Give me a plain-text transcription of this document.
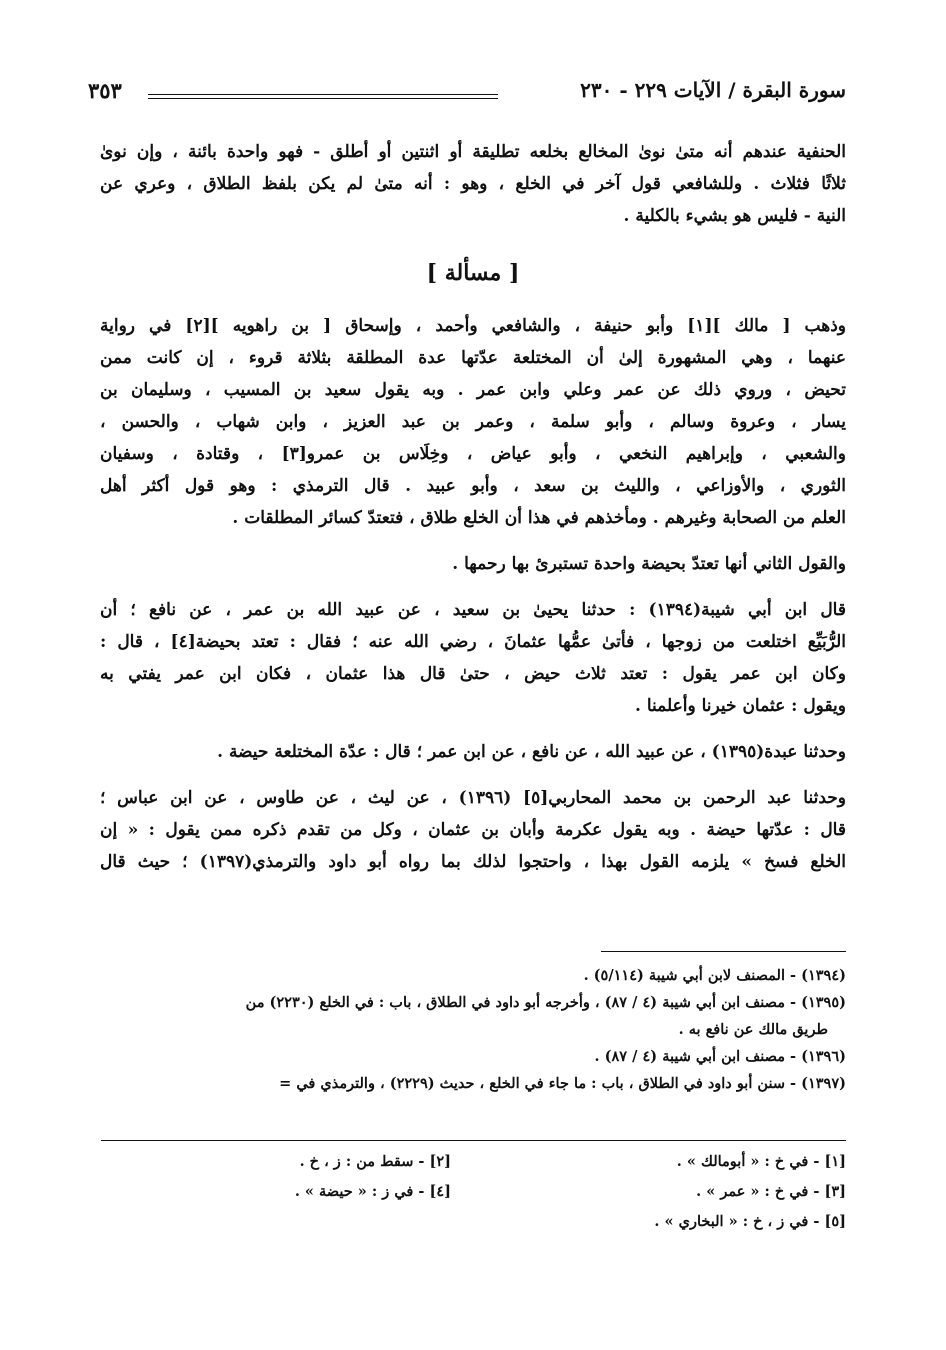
سورة البقرة / الآيات ٢٢٩ - ٢٣٠
٣٥٣
الحنفية عندهم أنه متىٰ نوىٰ المخالع بخلعه تطليقة أو اثنتين أو أطلق - فهو واحدة بائنة ، وإن نوىٰ
ثلاثًا فثلاث . وللشافعي قول آخر في الخلع ، وهو : أنه متىٰ لم يكن بلفظ الطلاق ، وعري عن
النية - فليس هو بشيء بالكلية .
[ مسألة ]
وذهب [ مالك ][١] وأبو حنيفة ، والشافعي وأحمد ، وإسحاق [ بن راهويه ][٢] في رواية
عنهما ، وهي المشهورة إلىٰ أن المختلعة عدّتها عدة المطلقة بثلاثة قروء ، إن كانت ممن
تحيض ، وروي ذلك عن عمر وعلي وابن عمر . وبه يقول سعيد بن المسيب ، وسليمان بن
يسار ، وعروة وسالم ، وأبو سلمة ، وعمر بن عبد العزيز ، وابن شهاب ، والحسن ،
والشعبي ، وإبراهيم النخعي ، وأبو عياض ، وخِلَاس بن عمرو[٣] ، وقتادة ، وسفيان
الثوري ، والأوزاعي ، والليث بن سعد ، وأبو عبيد . قال الترمذي : وهو قول أكثر أهل
العلم من الصحابة وغيرهم . ومأخذهم في هذا أن الخلع طلاق ، فتعتدّ كسائر المطلقات .
والقول الثاني أنها تعتدّ بحيضة واحدة تستبرئ بها رحمها .
قال ابن أبي شيبة(١٣٩٤) : حدثنا يحيىٰ بن سعيد ، عن عبيد الله بن عمر ، عن نافع ؛ أن
الرُّبَيِّع اختلعت من زوجها ، فأتىٰ عمُّها عثمانَ ، رضي الله عنه ؛ فقال : تعتد بحيضة[٤] ، قال :
وكان ابن عمر يقول : تعتد ثلاث حيض ، حتىٰ قال هذا عثمان ، فكان ابن عمر يفتي به
ويقول : عثمان خيرنا وأعلمنا .
وحدثنا عبدة(١٣٩٥) ، عن عبيد الله ، عن نافع ، عن ابن عمر ؛ قال : عدّة المختلعة حيضة .
وحدثنا عبد الرحمن بن محمد المحاربي[٥] (١٣٩٦) ، عن ليث ، عن طاوس ، عن ابن عباس ؛
قال : عدّتها حيضة . وبه يقول عكرمة وأبان بن عثمان ، وكل من تقدم ذكره ممن يقول : « إن
الخلع فسخ » يلزمه القول بهذا ، واحتجوا لذلك بما رواه أبو داود والترمذي(١٣٩٧) ؛ حيث قال
(١٣٩٤) - المصنف لابن أبي شيبة (٥/١١٤) .
(١٣٩٥) - مصنف ابن أبي شيبة (٤ / ٨٧) ، وأخرجه أبو داود في الطلاق ، باب : في الخلع (٢٢٣٠) من
طريق مالك عن نافع به .
(١٣٩٦) - مصنف ابن أبي شيبة (٤ / ٨٧) .
(١٣٩٧) - سنن أبو داود في الطلاق ، باب : ما جاء في الخلع ، حديث (٢٢٢٩) ، والترمذي في =
[١] - في خ : « أبومالك » .
[٢] - سقط من : ز ، خ .
[٣] - في خ : « عمر » .
[٤] - في ز : « حيضة » .
[٥] - في ز ، خ : « البخاري » .
